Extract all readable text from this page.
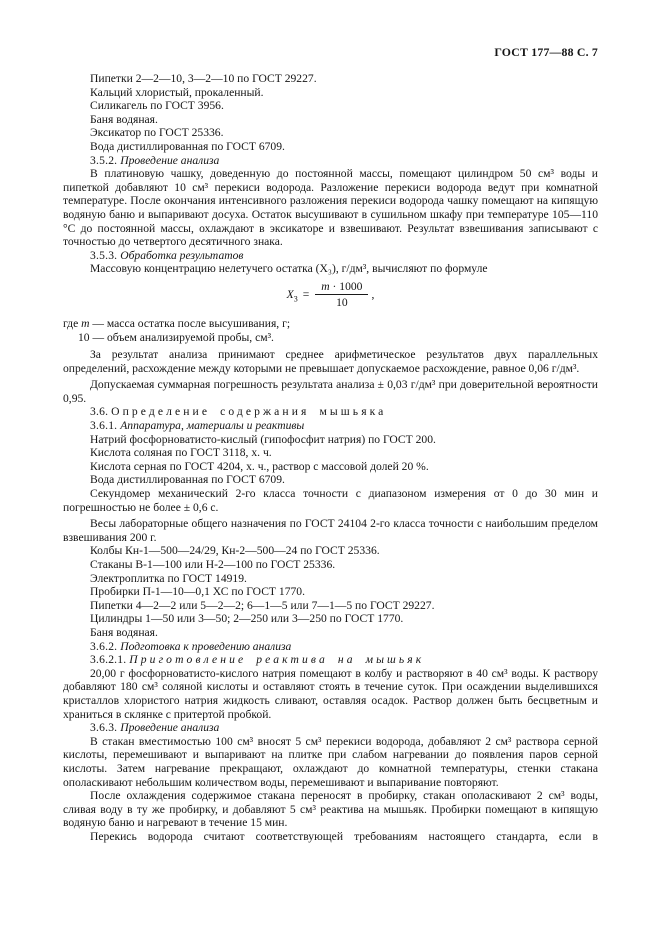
ГОСТ 177—88 С. 7

Пипетки 2—2—10, 3—2—10 по ГОСТ 29227.

Кальций хлористый, прокаленный.

Силикагель по ГОСТ 3956.

Баня водяная.

Эксикатор по ГОСТ 25336.

Вода дистиллированная по ГОСТ 6709.

3.5.2. Проведение анализа

В платиновую чашку, доведенную до постоянной массы, помещают цилиндром 50 см³ воды и пипеткой добавляют 10 см³ перекиси водорода. Разложение перекиси водорода ведут при комнатной температуре. После окончания интенсивного разложения перекиси водорода чашку помещают на кипящую водяную баню и выпаривают досуха. Остаток высушивают в сушильном шкафу при температуре 105—110 °С до постоянной массы, охлаждают в эксикаторе и взвешивают. Результат взвешивания записывают с точностью до четвертого десятичного знака.

3.5.3. Обработка результатов

Массовую концентрацию нелетучего остатка (X₃), г/дм³, вычисляют по формуле

$X_3 = \frac{m \cdot 1000}{10}$ ,

где m — масса остатка после высушивания, г;

10 — объем анализируемой пробы, см³.

За результат анализа принимают среднее арифметическое результатов двух параллельных определений, расхождение между которыми не превышает допускаемое расхождение, равное 0,06 г/дм³.

Допускаемая суммарная погрешность результата анализа ± 0,03 г/дм³ при доверительной вероятности 0,95.

3.6. Определение содержания мышьяка

3.6.1. Аппаратура, материалы и реактивы

Натрий фосфорноватисто-кислый (гипофосфит натрия) по ГОСТ 200.

Кислота соляная по ГОСТ 3118, х. ч.

Кислота серная по ГОСТ 4204, х. ч., раствор с массовой долей 20 %.

Вода дистиллированная по ГОСТ 6709.

Секундомер механический 2-го класса точности с диапазоном измерения от 0 до 30 мин и погрешностью не более ± 0,6 с.

Весы лабораторные общего назначения по ГОСТ 24104 2-го класса точности с наибольшим пределом взвешивания 200 г.

Колбы Кн-1—500—24/29, Кн-2—500—24 по ГОСТ 25336.

Стаканы В-1—100 или Н-2—100 по ГОСТ 25336.

Электроплитка по ГОСТ 14919.

Пробирки П-1—10—0,1 ХС по ГОСТ 1770.

Пипетки 4—2—2 или 5—2—2; 6—1—5 или 7—1—5 по ГОСТ 29227.

Цилиндры 1—50 или 3—50; 2—250 или 3—250 по ГОСТ 1770.

Баня водяная.

3.6.2. Подготовка к проведению анализа

3.6.2.1. Приготовление реактива на мышьяк

20,00 г фосфорноватисто-кислого натрия помещают в колбу и растворяют в 40 см³ воды. К раствору добавляют 180 см³ соляной кислоты и оставляют стоять в течение суток. При осаждении выделившихся кристаллов хлористого натрия жидкость сливают, оставляя осадок. Раствор должен быть бесцветным и храниться в склянке с притертой пробкой.

3.6.3. Проведение анализа

В стакан вместимостью 100 см³ вносят 5 см³ перекиси водорода, добавляют 2 см³ раствора серной кислоты, перемешивают и выпаривают на плитке при слабом нагревании до появления паров серной кислоты. Затем нагревание прекращают, охлаждают до комнатной температуры, стенки стакана ополаскивают небольшим количеством воды, перемешивают и выпаривание повторяют.

После охлаждения содержимое стакана переносят в пробирку, стакан ополаскивают 2 см³ воды, сливая воду в ту же пробирку, и добавляют 5 см³ реактива на мышьяк. Пробирки помещают в кипящую водяную баню и нагревают в течение 15 мин.

Перекись водорода считают соответствующей требованиям настоящего стандарта, если в
